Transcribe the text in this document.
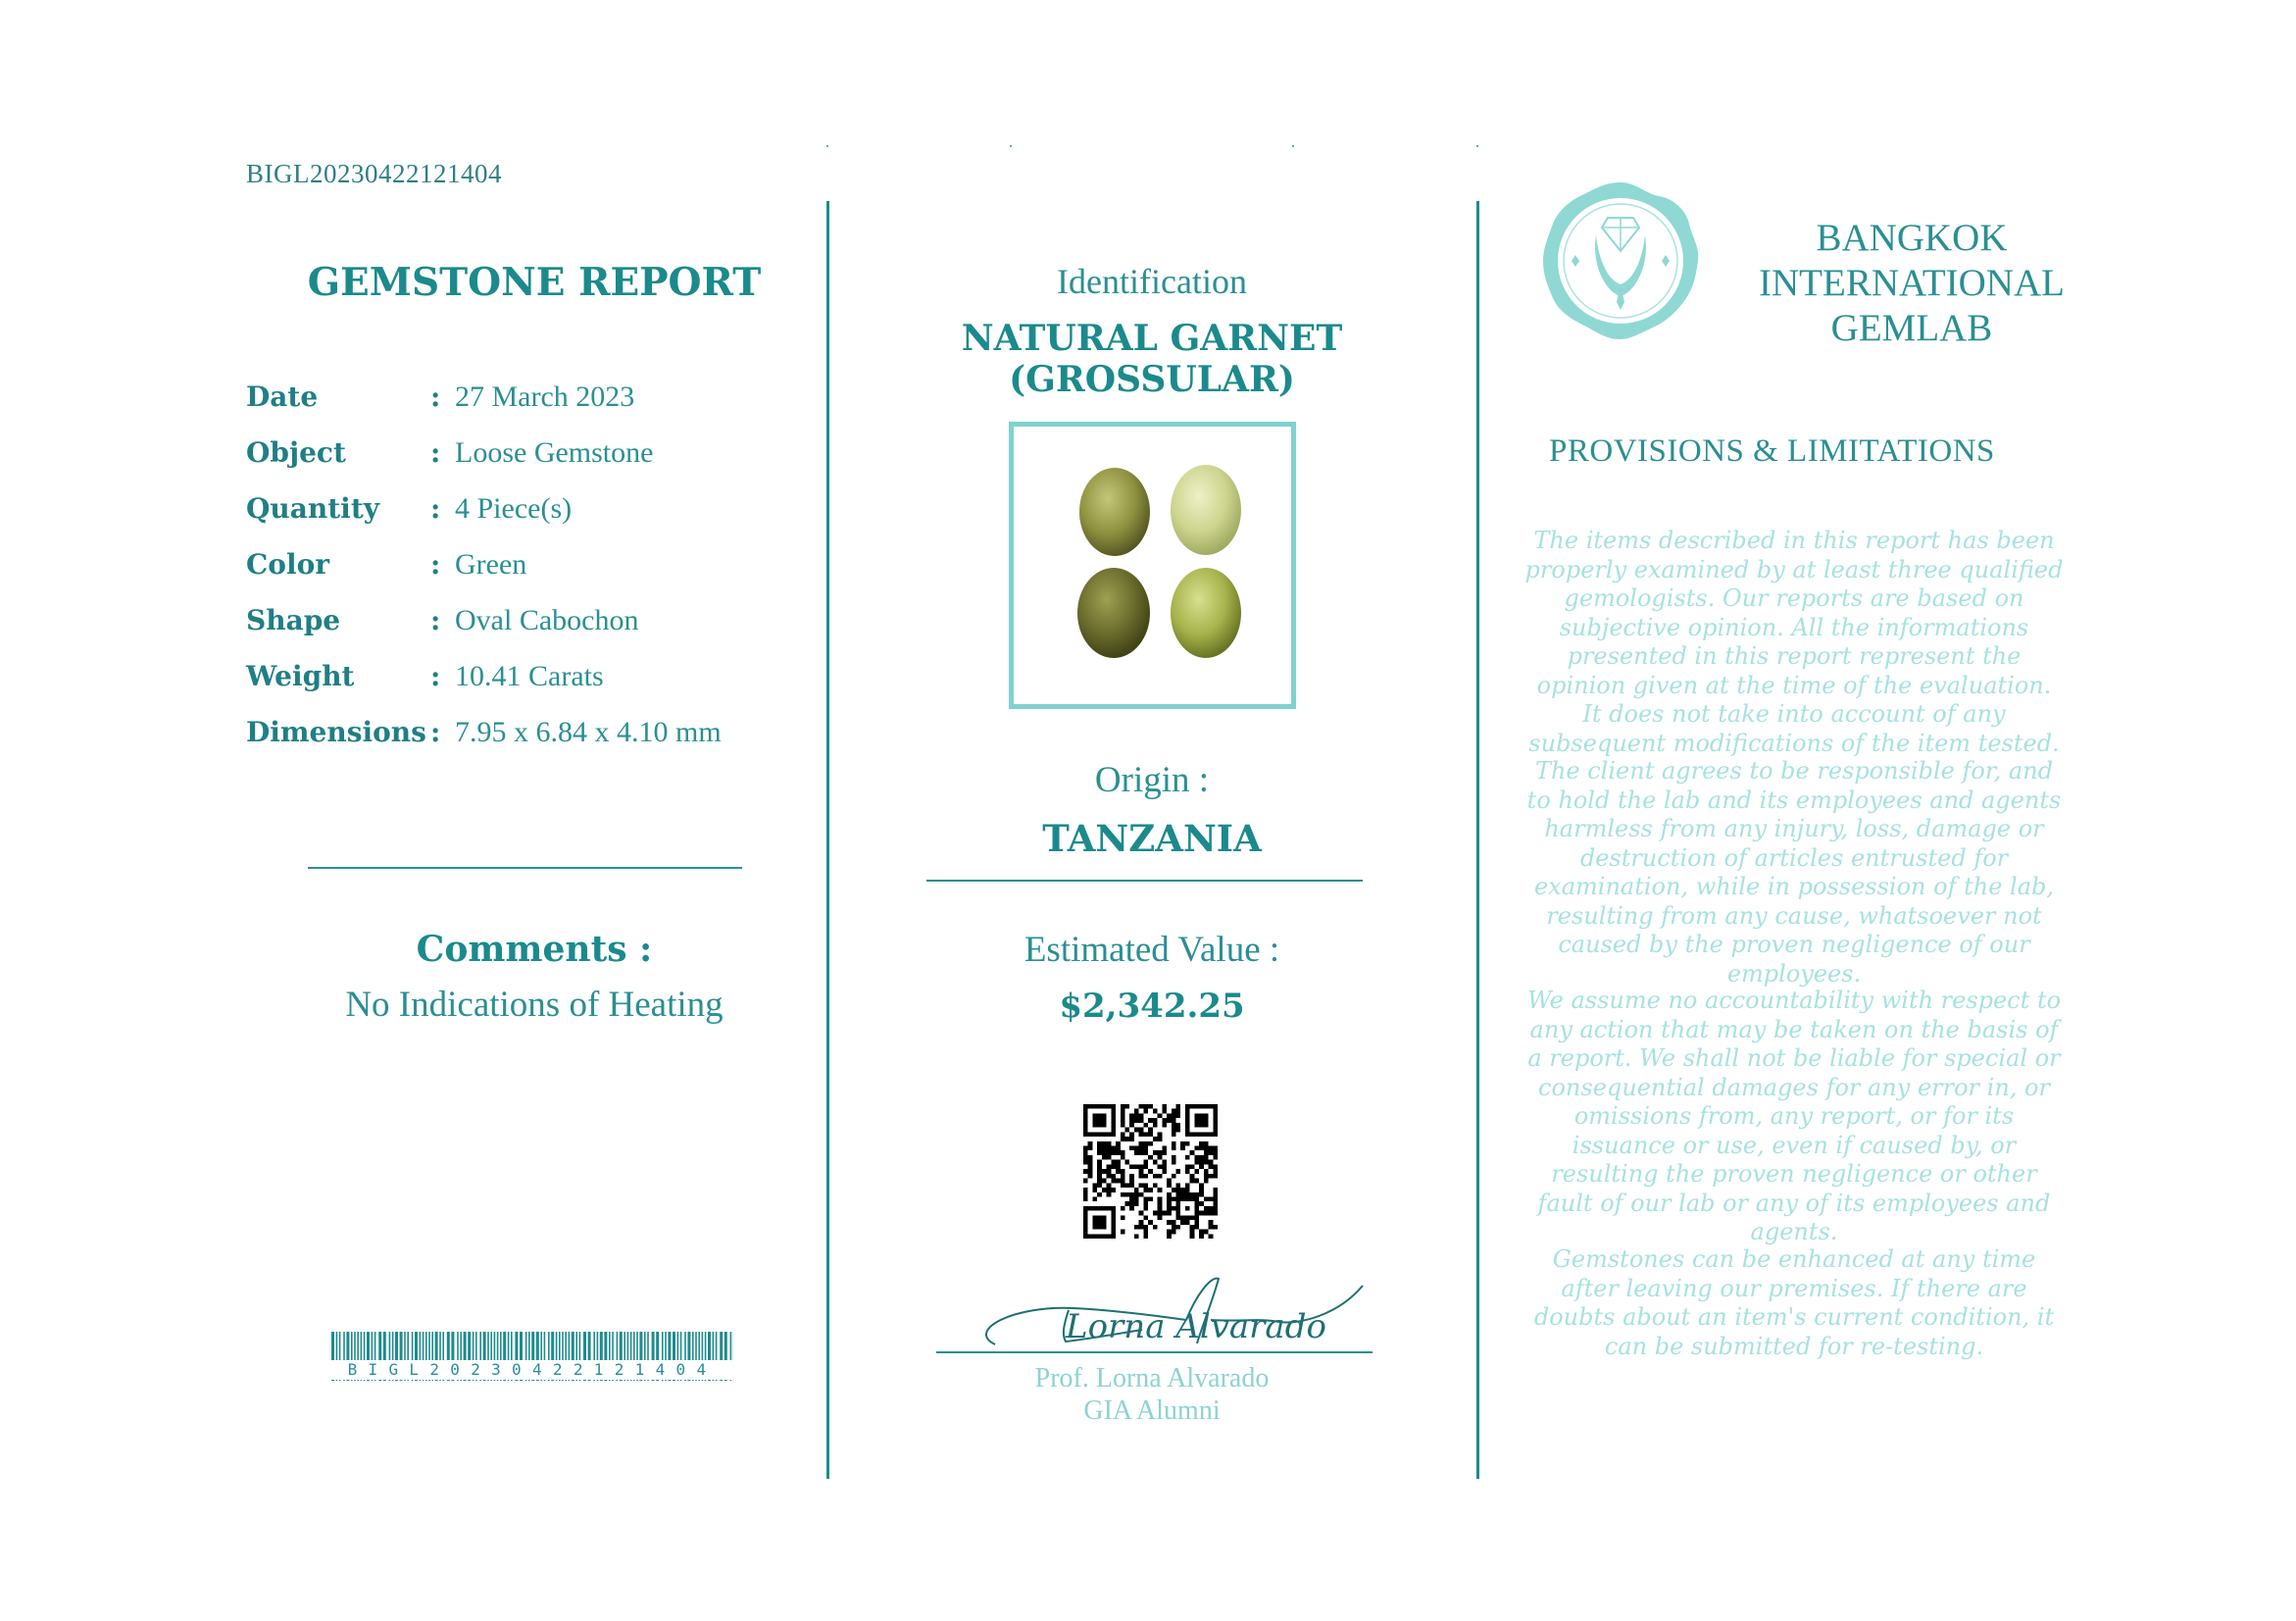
BIGL20230422121404
GEMSTONE REPORT
Date	: 27 March 2023
Object	: Loose Gemstone
Quantity : 4 Piece(s)
Color	: Green
Shape	: Oval Cabochon
Weight	: 10.41 Carats
Dimensions : 7.95 x 6.84 x 4.10 mm
Comments :
No Indications of Heating
BIGL20230422121404
Identification
NATURAL GARNET (GROSSULAR)
Origin :
TANZANIA
Estimated Value :
$2,342.25
Lorna Alvarado
Prof. Lorna Alvarado
GIA Alumni
BANGKOK
INTERNATIONAL
GEMLAB
PROVISIONS & LIMITATIONS
The items described in this report has been properly examined by at least three qualified gemologists. Our reports are based on subjective opinion. All the informations presented in this report represent the opinion given at the time of the evaluation. It does not take into account of any subsequent modifications of the item tested.
The client agrees to be responsible for, and to hold the lab and its employees and agents harmless from any injury, loss, damage or destruction of articles entrusted for examination, while in possession of the lab, resulting from any cause, whatsoever not caused by the proven negligence of our employees.
We assume no accountability with respect to any action that may be taken on the basis of a report. We shall not be liable for special or consequential damages for any error in, or omissions from, any report, or for its issuance or use, even if caused by, or resulting the proven negligence or other fault of our lab or any of its employees and agents.
Gemstones can be enhanced at any time after leaving our premises. If there are doubts about an item's current condition, it can be submitted for re-testing.
